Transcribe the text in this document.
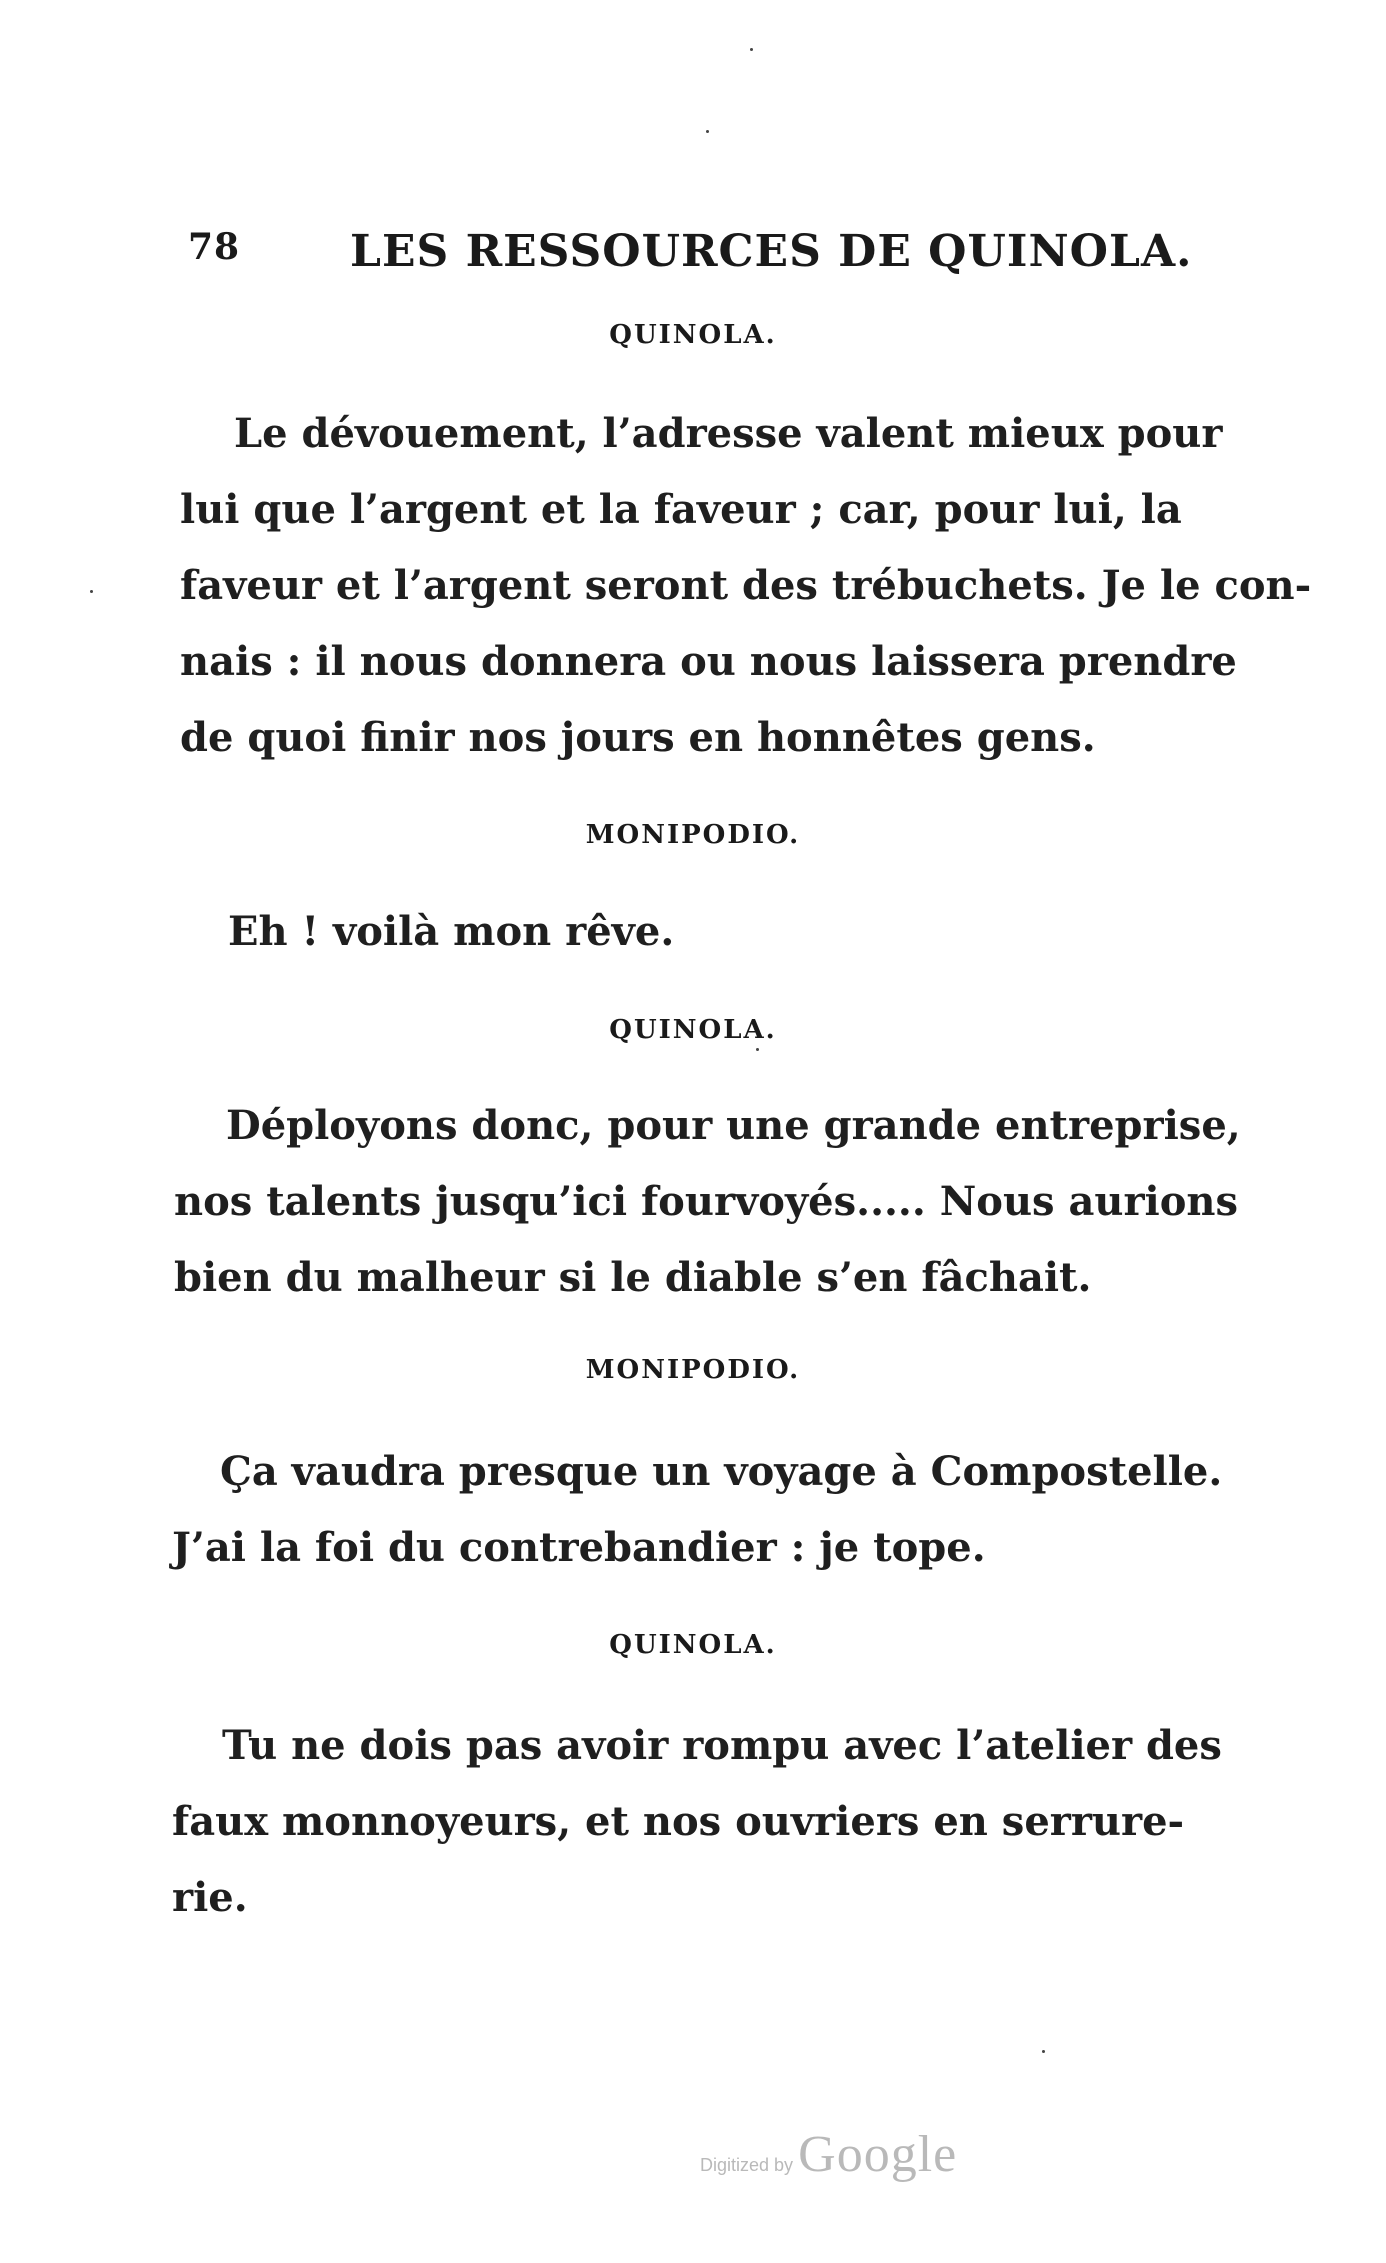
78 LES RESSOURCES DE QUINOLA.
QUINOLA.
Le dévouement, l’adresse valent mieux pour
lui que l’argent et la faveur ; car, pour lui, la
faveur et l’argent seront des trébuchets. Je le con-
nais : il nous donnera ou nous laissera prendre
de quoi finir nos jours en honnêtes gens.
MONIPODIO.
Eh ! voilà mon rêve.
QUINOLA.
Déployons donc, pour une grande entreprise,
nos talents jusqu’ici fourvoyés..... Nous aurions
bien du malheur si le diable s’en fâchait.
MONIPODIO.
Ça vaudra presque un voyage à Compostelle.
J’ai la foi du contrebandier : je tope.
QUINOLA.
Tu ne dois pas avoir rompu avec l’atelier des
faux monnoyeurs, et nos ouvriers en serrure-
rie.
Digitized by Google
